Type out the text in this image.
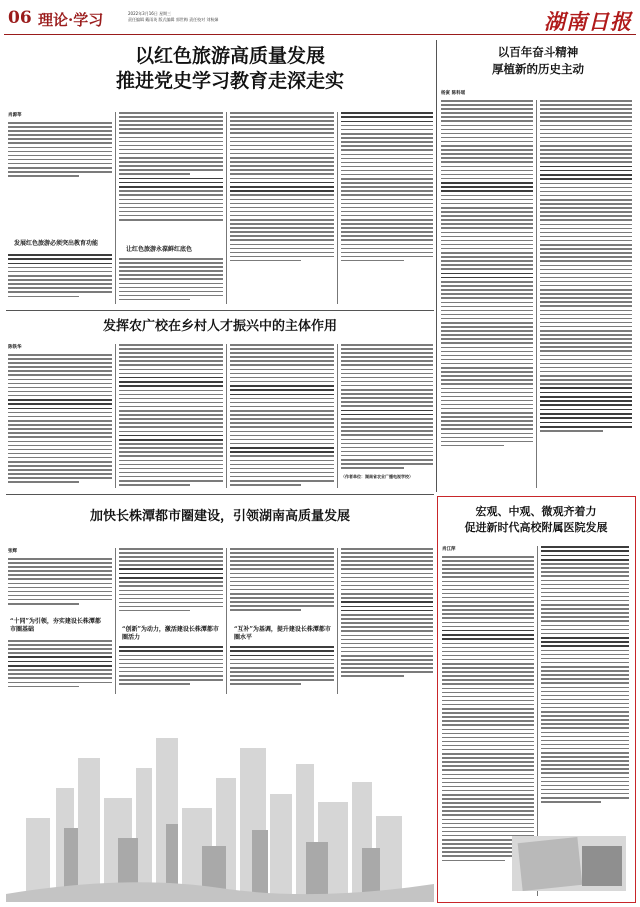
06 理论·学习	2022年3月16日 星期三
责任编辑 戴雨英 版式编辑 郭世梅 责任校对 刘秋娣	湖南日报
以红色旅游高质量发展
推进党史学习教育走深走实
肖源莘
发展红色旅游必须突出教育功能
让红色旅游永葆鲜红底色
以百年奋斗精神
厚植新的历史主动
杨寅 陈科瑶
发挥农广校在乡村人才振兴中的主体作用
陈铁华
（作者单位：湖南省农业广播电视学校）
加快长株潭都市圈建设，引领湖南高质量发展
张辉
“十同”为引领，夯实建设长株潭都市圈基础	“创新”为动力，激活建设长株潭都市圈活力
“互补”为基调，提升建设长株潭都市圈水平
宏观、中观、微观齐着力
促进新时代高校附属医院发展
肖江萍
